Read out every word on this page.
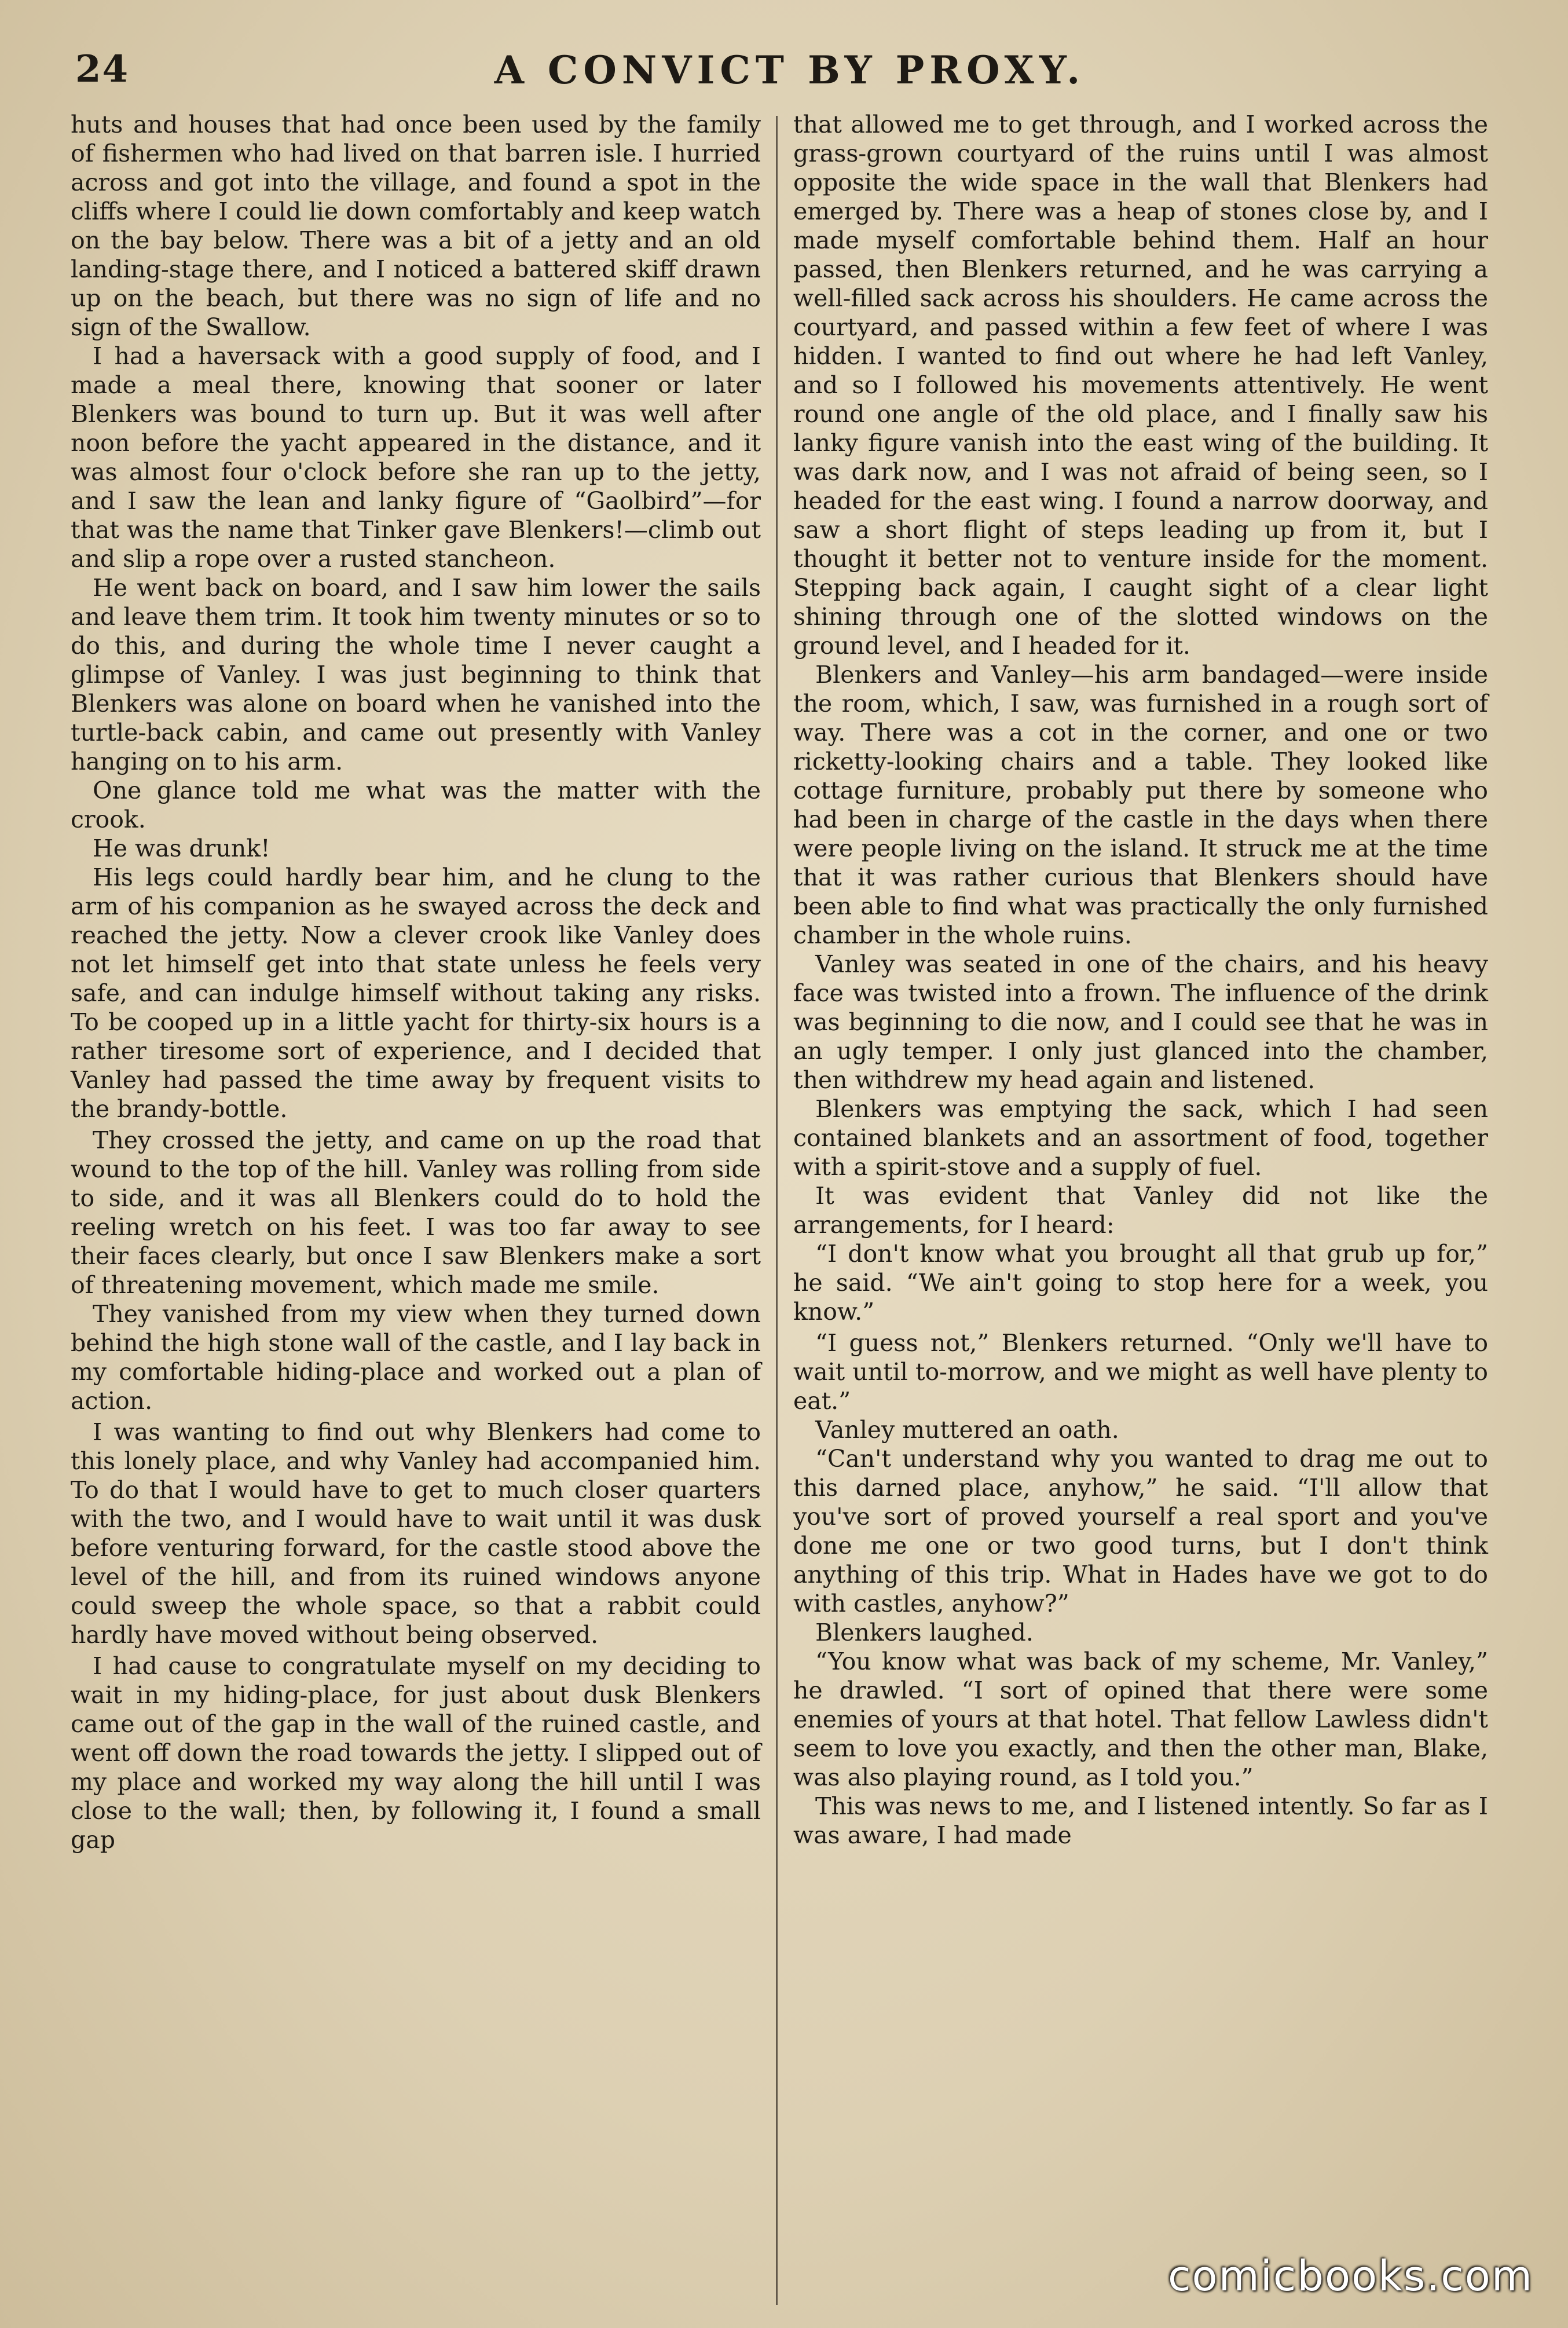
24	A CONVICT BY PROXY.

huts and houses that had once been used by the family of fishermen who had lived on that barren isle. I hurried across and got into the village, and found a spot in the cliffs where I could lie down comfortably and keep watch on the bay below. There was a bit of a jetty and an old landing-stage there, and I noticed a battered skiff drawn up on the beach, but there was no sign of life and no sign of the Swallow.

I had a haversack with a good supply of food, and I made a meal there, knowing that sooner or later Blenkers was bound to turn up. But it was well after noon before the yacht appeared in the distance, and it was almost four o'clock before she ran up to the jetty, and I saw the lean and lanky figure of “Gaolbird”—for that was the name that Tinker gave Blenkers!—climb out and slip a rope over a rusted stancheon.

He went back on board, and I saw him lower the sails and leave them trim. It took him twenty minutes or so to do this, and during the whole time I never caught a glimpse of Vanley. I was just beginning to think that Blenkers was alone on board when he vanished into the turtle-back cabin, and came out presently with Vanley hanging on to his arm.

One glance told me what was the matter with the crook.

He was drunk!

His legs could hardly bear him, and he clung to the arm of his companion as he swayed across the deck and reached the jetty. Now a clever crook like Vanley does not let himself get into that state unless he feels very safe, and can indulge himself without taking any risks. To be cooped up in a little yacht for thirty-six hours is a rather tiresome sort of experience, and I decided that Vanley had passed the time away by frequent visits to the brandy-bottle.

They crossed the jetty, and came on up the road that wound to the top of the hill. Vanley was rolling from side to side, and it was all Blenkers could do to hold the reeling wretch on his feet. I was too far away to see their faces clearly, but once I saw Blenkers make a sort of threatening movement, which made me smile.

They vanished from my view when they turned down behind the high stone wall of the castle, and I lay back in my comfortable hiding-place and worked out a plan of action.

I was wanting to find out why Blenkers had come to this lonely place, and why Vanley had accompanied him. To do that I would have to get to much closer quarters with the two, and I would have to wait until it was dusk before venturing forward, for the castle stood above the level of the hill, and from its ruined windows anyone could sweep the whole space, so that a rabbit could hardly have moved without being observed.

I had cause to congratulate myself on my deciding to wait in my hiding-place, for just about dusk Blenkers came out of the gap in the wall of the ruined castle, and went off down the road towards the jetty. I slipped out of my place and worked my way along the hill until I was close to the wall; then, by following it, I found a small gap

that allowed me to get through, and I worked across the grass-grown courtyard of the ruins until I was almost opposite the wide space in the wall that Blenkers had emerged by. There was a heap of stones close by, and I made myself comfortable behind them. Half an hour passed, then Blenkers returned, and he was carrying a well-filled sack across his shoulders. He came across the courtyard, and passed within a few feet of where I was hidden. I wanted to find out where he had left Vanley, and so I followed his movements attentively. He went round one angle of the old place, and I finally saw his lanky figure vanish into the east wing of the building. It was dark now, and I was not afraid of being seen, so I headed for the east wing. I found a narrow doorway, and saw a short flight of steps leading up from it, but I thought it better not to venture inside for the moment. Stepping back again, I caught sight of a clear light shining through one of the slotted windows on the ground level, and I headed for it.

Blenkers and Vanley—his arm bandaged—were inside the room, which, I saw, was furnished in a rough sort of way. There was a cot in the corner, and one or two ricketty-looking chairs and a table. They looked like cottage furniture, probably put there by someone who had been in charge of the castle in the days when there were people living on the island. It struck me at the time that it was rather curious that Blenkers should have been able to find what was practically the only furnished chamber in the whole ruins.

Vanley was seated in one of the chairs, and his heavy face was twisted into a frown. The influence of the drink was beginning to die now, and I could see that he was in an ugly temper. I only just glanced into the chamber, then withdrew my head again and listened.

Blenkers was emptying the sack, which I had seen contained blankets and an assortment of food, together with a spirit-stove and a supply of fuel.

It was evident that Vanley did not like the arrangements, for I heard:

“I don't know what you brought all that grub up for,” he said. “We ain't going to stop here for a week, you know.”

“I guess not,” Blenkers returned. “Only we'll have to wait until to-morrow, and we might as well have plenty to eat.”

Vanley muttered an oath.

“Can't understand why you wanted to drag me out to this darned place, anyhow,” he said. “I'll allow that you've sort of proved yourself a real sport and you've done me one or two good turns, but I don't think anything of this trip. What in Hades have we got to do with castles, anyhow?”

Blenkers laughed.

“You know what was back of my scheme, Mr. Vanley,” he drawled. “I sort of opined that there were some enemies of yours at that hotel. That fellow Lawless didn't seem to love you exactly, and then the other man, Blake, was also playing round, as I told you.”

This was news to me, and I listened intently. So far as I was aware, I had made

comicbooks.com
